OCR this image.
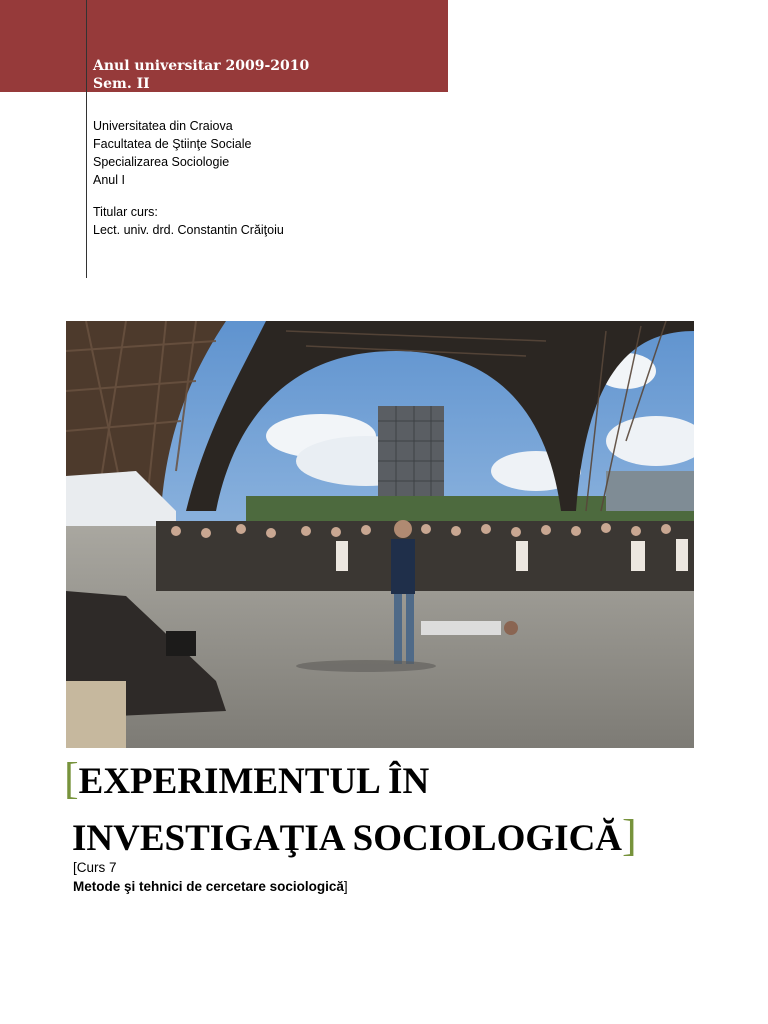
Anul universitar 2009-2010
Sem. II
Universitatea din Craiova
Facultatea de Ştiinţe Sociale
Specializarea Sociologie
Anul I
Titular curs:
Lect. univ. drd. Constantin Crăiţoiu
[EXPERIMENTUL ÎN
INVESTIGAŢIA SOCIOLOGICĂ]
[Curs 7
Metode şi tehnici de cercetare sociologică]
